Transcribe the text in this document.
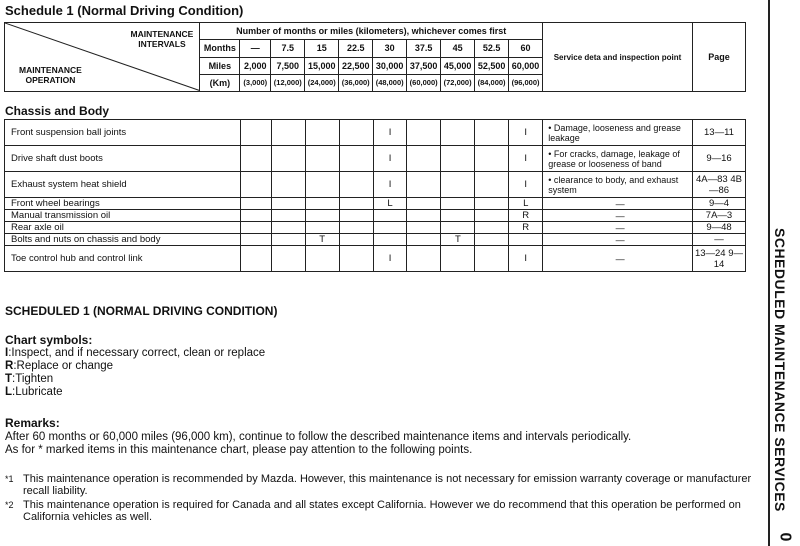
Schedule 1 (Normal Driving Condition)
MAINTENANCE
INTERVALS
MAINTENANCE
OPERATION	Number of months or miles (kilometers), whichever comes first										Service deta and inspection point	Page
	Months	—	7.5	15	22.5	30	37.5	45	52.5	60		
	Miles	2,000	7,500	15,000	22,500	30,000	37,500	45,000	52,500	60,000		
	(Km)	(3,000)	(12,000)	(24,000)	(36,000)	(48,000)	(60,000)	(72,000)	(84,000)	(96,000)		
Chassis and Body
Front suspension ball joints					I				I	• Damage, looseness and grease leakage	13—11
Drive shaft dust boots					I				I	• For cracks, damage, leakage of grease or looseness of band	9—16
Exhaust system heat shield					I				I	• clearance to body, and exhaust system	4A—83 4B—86
Front wheel bearings					L				L	—	9—4
Manual transmission oil									R	—	7A—3
Rear axle oil									R	—	9—48
Bolts and nuts on chassis and body			T				T			—	—
Toe control hub and control link					I				I	—	13—24 9—14
SCHEDULED 1 (NORMAL DRIVING CONDITION)
Chart symbols:
I:Inspect, and if necessary correct, clean or replace
R:Replace or change
T:Tighten
L:Lubricate
Remarks:
After 60 months or 60,000 miles (96,000 km), continue to follow the described maintenance items and intervals periodically.
As for * marked items in this maintenance chart, please pay attention to the following points.
*1 This maintenance operation is recommended by Mazda. However, this maintenance is not necessary for emission warranty coverage or manufacturer recall liability.
*2 This maintenance operation is required for Canada and all states except California. However we do recommend that this operation be performed on California vehicles as well.
SCHEDULED MAINTENANCE SERVICES
0
